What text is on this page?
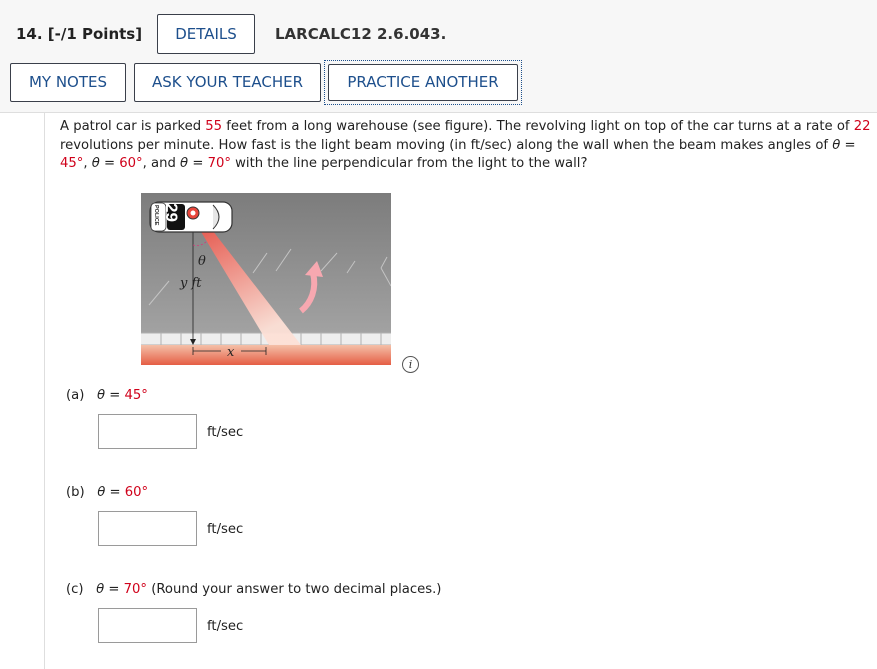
14. [-/1 Points]	DETAILS	LARCALC12 2.6.043.
MY NOTES	ASK YOUR TEACHER	PRACTICE ANOTHER
A patrol car is parked 55 feet from a long warehouse (see figure). The revolving light on top of the car turns at a rate of 22 revolutions per minute. How fast is the light beam moving (in ft/sec) along the wall when the beam makes angles of θ = 45°, θ = 60°, and θ = 70° with the line perpendicular from the light to the wall?
θ
y ft
x
29
POLICE
i
(a) θ = 45°
ft/sec
(b) θ = 60°
ft/sec
(c) θ = 70° (Round your answer to two decimal places.)
ft/sec
